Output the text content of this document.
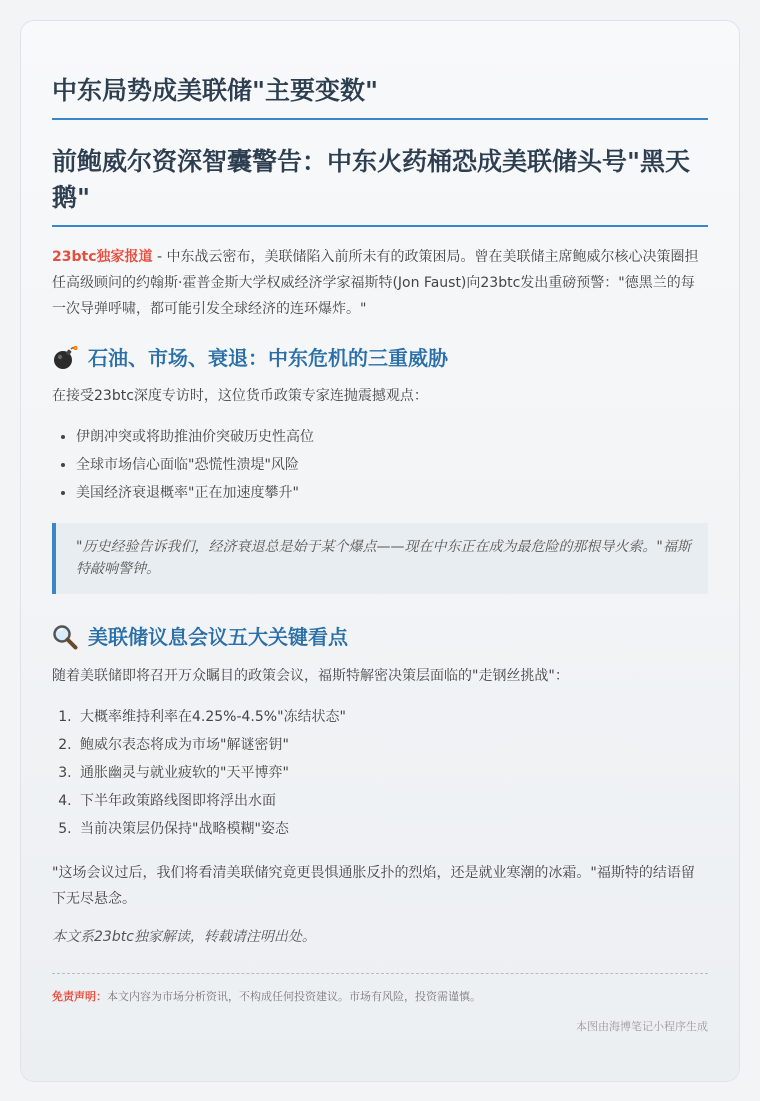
中东局势成美联储"主要变数"
前鲍威尔资深智囊警告：中东火药桶恐成美联储头号"黑天鹅"

23btc独家报道 - 中东战云密布，美联储陷入前所未有的政策困局。曾在美联储主席鲍威尔核心决策圈担任高级顾问的约翰斯·霍普金斯大学权威经济学家福斯特(Jon Faust)向23btc发出重磅预警："德黑兰的每一次导弹呼啸，都可能引发全球经济的连环爆炸。"

石油、市场、衰退：中东危机的三重威胁

在接受23btc深度专访时，这位货币政策专家连抛震撼观点：

• 伊朗冲突或将助推油价突破历史性高位
• 全球市场信心面临"恐慌性溃堤"风险
• 美国经济衰退概率"正在加速度攀升"
"历史经验告诉我们，经济衰退总是始于某个爆点——现在中东正在成为最危险的那根导火索。"福斯特敲响警钟。
美联储议息会议五大关键看点

随着美联储即将召开万众瞩目的政策会议，福斯特解密决策层面临的"走钢丝挑战"：

1. 大概率维持利率在4.25%-4.5%"冻结状态"
2. 鲍威尔表态将成为市场"解谜密钥"
3. 通胀幽灵与就业疲软的"天平博弈"
4. 下半年政策路线图即将浮出水面
5. 当前决策层仍保持"战略模糊"姿态

"这场会议过后，我们将看清美联储究竟更畏惧通胀反扑的烈焰，还是就业寒潮的冰霜。"福斯特的结语留下无尽悬念。

本文系23btc独家解读，转载请注明出处。

免责声明：本文内容为市场分析资讯，不构成任何投资建议。市场有风险，投资需谨慎。

本图由海博笔记小程序生成
